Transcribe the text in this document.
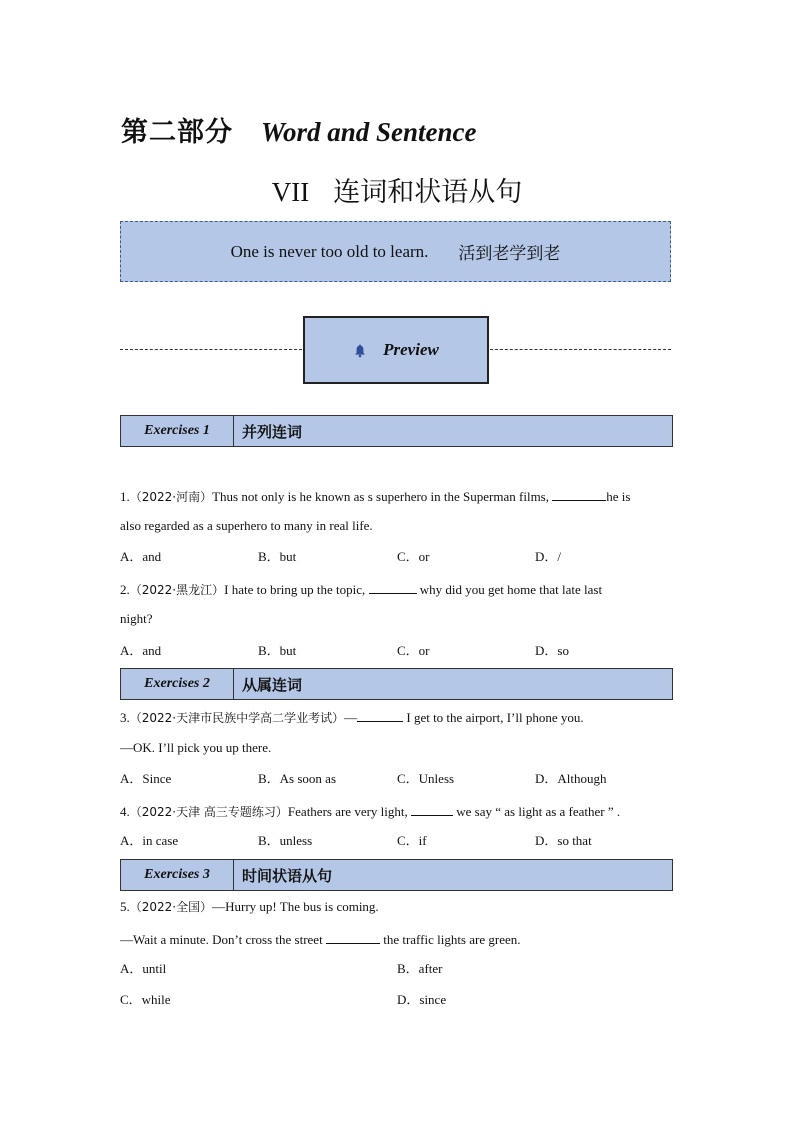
第二部分 Word and Sentence
VII 连词和状语从句
One is never too old to learn. 活到老学到老
Preview
Exercises 1	并列连词
1.（2022·河南）Thus not only is he known as s superhero in the Superman films,	he is
also regarded as a superhero to many in real life.
A．and	B．but	C．or	D．/
2.（2022·黑龙江）I hate to bring up the topic,	why did you get home that late last
night?
A．and	B．but	C．or	D．so
Exercises 2	从属连词
3.（2022·天津市民族中学高二学业考试）—	I get to the airport, I’ll phone you.
—OK. I’ll pick you up there.
A．Since	B．As soon as	C．Unless	D．Although
4.（2022·天津 高三专题练习）Feathers are very light,	we say “ as light as a feather ” .
A．in case	B．unless	C．if	D．so that
Exercises 3	时间状语从句
5.（2022·全国）—Hurry up! The bus is coming.
—Wait a minute. Don’t cross the street	the traffic lights are green.
A．until	B．after
C．while	D．since
